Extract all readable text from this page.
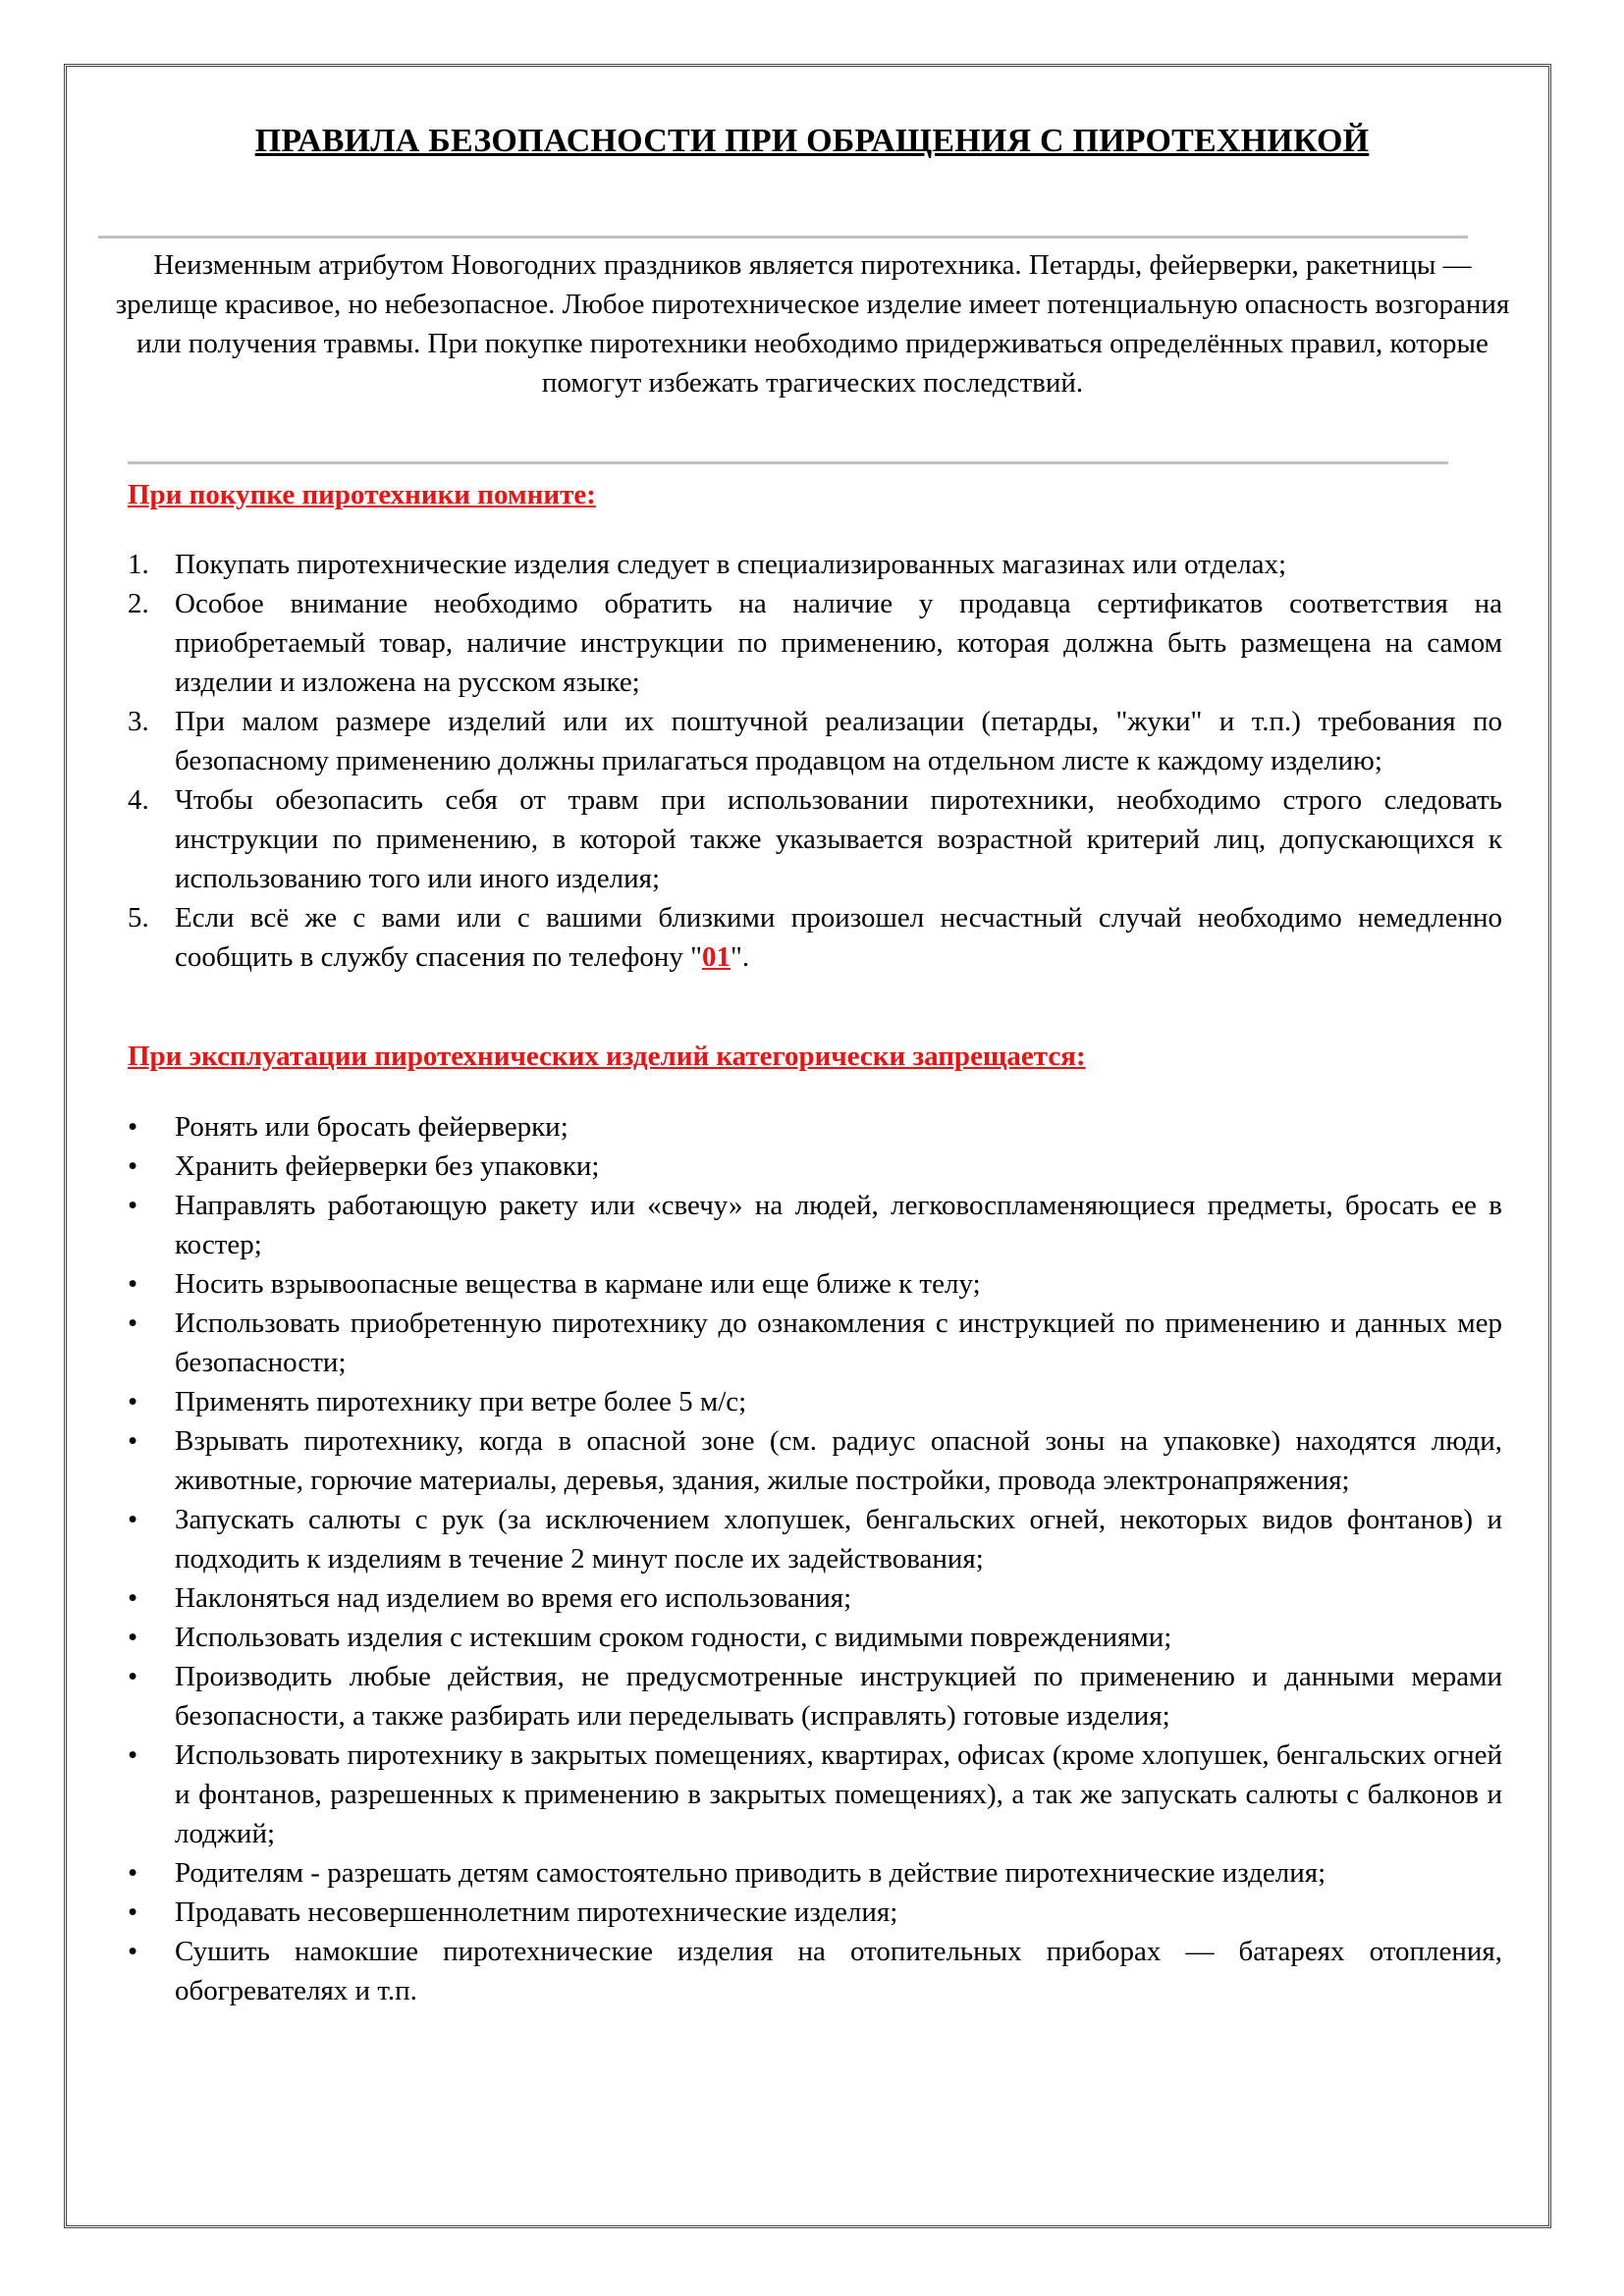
ПРАВИЛА БЕЗОПАСНОСТИ ПРИ ОБРАЩЕНИЯ С ПИРОТЕХНИКОЙ

Неизменным атрибутом Новогодних праздников является пиротехника. Петарды, фейерверки, ракетницы — зрелище красивое, но небезопасное. Любое пиротехническое изделие имеет потенциальную опасность возгорания или получения травмы. При покупке пиротехники необходимо придерживаться определённых правил, которые помогут избежать трагических последствий.

При покупке пиротехники помните:
1. Покупать пиротехнические изделия следует в специализированных магазинах или отделах;
2. Особое внимание необходимо обратить на наличие у продавца сертификатов соответствия на приобретаемый товар, наличие инструкции по применению, которая должна быть размещена на самом изделии и изложена на русском языке;
3. При малом размере изделий или их поштучной реализации (петарды, "жуки" и т.п.) требования по безопасному применению должны прилагаться продавцом на отдельном листе к каждому изделию;
4. Чтобы обезопасить себя от травм при использовании пиротехники, необходимо строго следовать инструкции по применению, в которой также указывается возрастной критерий лиц, допускающихся к использованию того или иного изделия;
5. Если всё же с вами или с вашими близкими произошел несчастный случай необходимо немедленно сообщить в службу спасения по телефону "01".
При эксплуатации пиротехнических изделий категорически запрещается:
•	Ронять или бросать фейерверки;
•	Хранить фейерверки без упаковки;
•	Направлять работающую ракету или «свечу» на людей, легковоспламеняющиеся предметы, бросать ее в костер;
•	Носить взрывоопасные вещества в кармане или еще ближе к телу;
•	Использовать приобретенную пиротехнику до ознакомления с инструкцией по применению и данных мер безопасности;
•	Применять пиротехнику при ветре более 5 м/с;
•	Взрывать пиротехнику, когда в опасной зоне (см. радиус опасной зоны на упаковке) находятся люди, животные, горючие материалы, деревья, здания, жилые постройки, провода электронапряжения;
•	Запускать салюты с рук (за исключением хлопушек, бенгальских огней, некоторых видов фонтанов) и подходить к изделиям в течение 2 минут после их задействования;
•	Наклоняться над изделием во время его использования;
•	Использовать изделия с истекшим сроком годности, с видимыми повреждениями;
•	Производить любые действия, не предусмотренные инструкцией по применению и данными мерами безопасности, а также разбирать или переделывать (исправлять) готовые изделия;
•	Использовать пиротехнику в закрытых помещениях, квартирах, офисах (кроме хлопушек, бенгальских огней и фонтанов, разрешенных к применению в закрытых помещениях), а так же запускать салюты с балконов и лоджий;
•	Родителям - разрешать детям самостоятельно приводить в действие пиротехнические изделия;
•	Продавать несовершеннолетним пиротехнические изделия;
•	Сушить намокшие пиротехнические изделия на отопительных приборах — батареях отопления, обогревателях и т.п.
